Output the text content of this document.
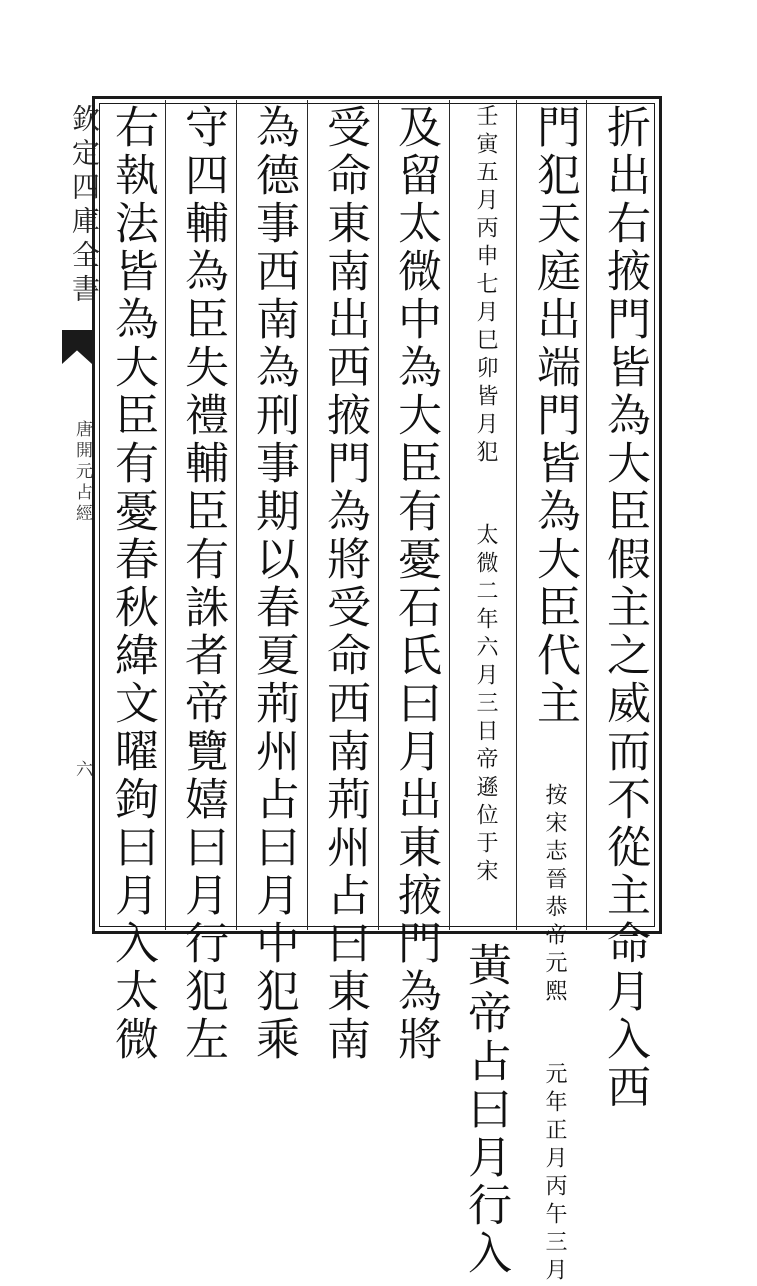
欽定四庫全書
唐開元占經
六	折出右掖門皆為大臣假主之威而不從主命月入西
門犯天庭出端門皆為大臣代主 按宋志晉恭帝元熙 元年正月丙午三月
壬寅五月丙申七月巳卯皆月犯 太微二年六月三日帝遜位于宋 黃帝占曰月行入
及留太微中為大臣有憂石氏曰月出東掖門為將
受命東南出西掖門為將受命西南荊州占曰東南
為德事西南為刑事期以春夏荊州占曰月中犯乘
守四輔為臣失禮輔臣有誅者帝覽嬉曰月行犯左
右執法皆為大臣有憂春秋緯文曜鉤曰月入太微
